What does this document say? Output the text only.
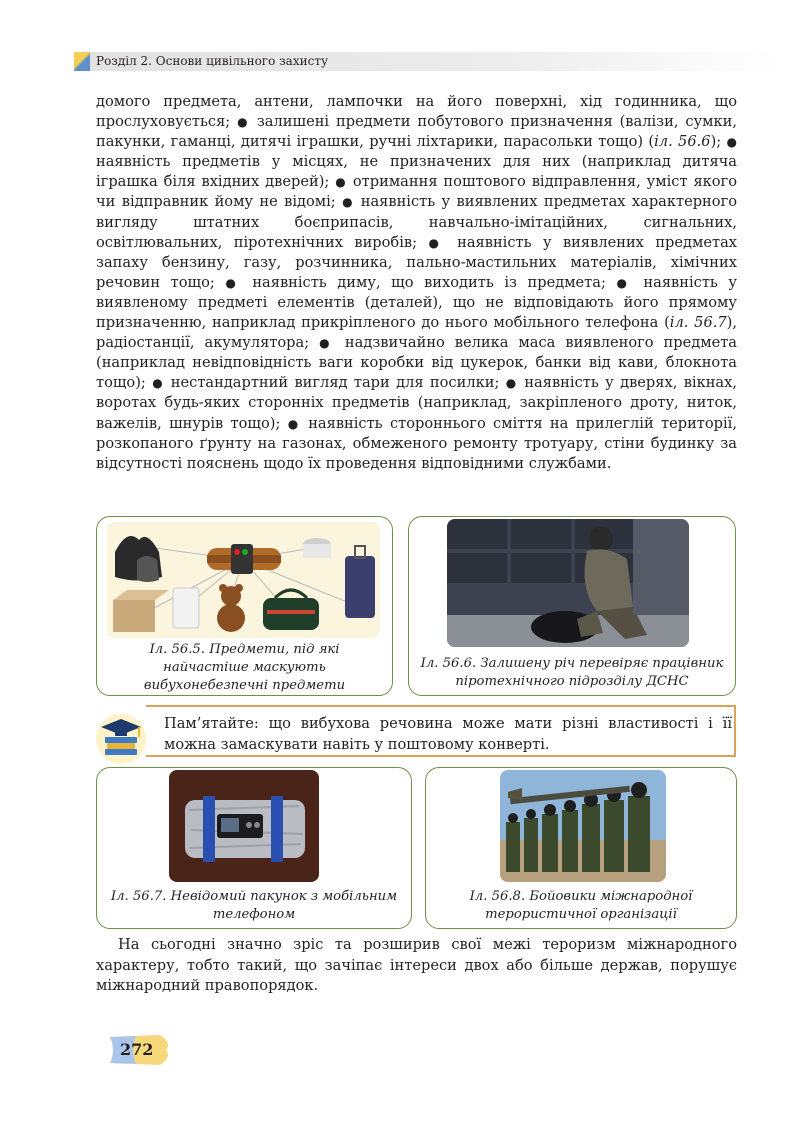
Розділ 2. Основи цивільного захисту

домого предмета, антени, лампочки на його поверхні, хід годинника, що прослуховується; ● залишені предмети побутового призначення (валізи, сумки, пакунки, гаманці, дитячі іграшки, ручні ліхтарики, парасольки тощо) (іл. 56.6); ● наявність предметів у місцях, не призначених для них (наприклад дитяча іграшка біля вхідних дверей); ● отримання поштового відправлення, уміст якого чи відправник йому не відомі; ● наявність у виявлених предметах характерного вигляду штатних боєприпасів, навчально-імітаційних, сигнальних, освітлювальних, піротехнічних виробів; ● наявність у виявлених предметах запаху бензину, газу, розчинника, пально-мастильних матеріалів, хімічних речовин тощо; ● наявність диму, що виходить із предмета; ● наявність у виявленому предметі елементів (деталей), що не відповідають його прямому призначенню, наприклад прикріпленого до нього мобільного телефона (іл. 56.7), радіостанції, акумулятора; ● надзвичайно велика маса виявленого предмета (наприклад невідповідність ваги коробки від цукерок, банки від кави, блокнота тощо); ● нестандартний вигляд тари для посилки; ● наявність у дверях, вікнах, воротах будь-яких сторонніх предметів (наприклад, закріпленого дроту, ниток, важелів, шнурів тощо); ● наявність стороннього сміття на прилеглій території, розкопаного ґрунту на газонах, обмеженого ремонту тротуару, стіни будинку за відсутності пояснень щодо їх проведення відповідними службами.

Іл. 56.5. Предмети, під які найчастіше маскують вибухонебезпечні предмети
Іл. 56.6. Залишену річ перевіряє працівник піротехнічного підрозділу ДСНС
Пам’ятайте: що вибухова речовина може мати різні властивості і її можна замаскувати навіть у поштовому конверті.
Іл. 56.7. Невідомий пакунок з мобільним телефоном
Іл. 56.8. Бойовики міжнародної терористичної організації

На сьогодні значно зріс та розширив свої межі тероризм міжнародного характеру, тобто такий, що зачіпає інтереси двох або більше держав, порушує міжнародний правопорядок.

272
